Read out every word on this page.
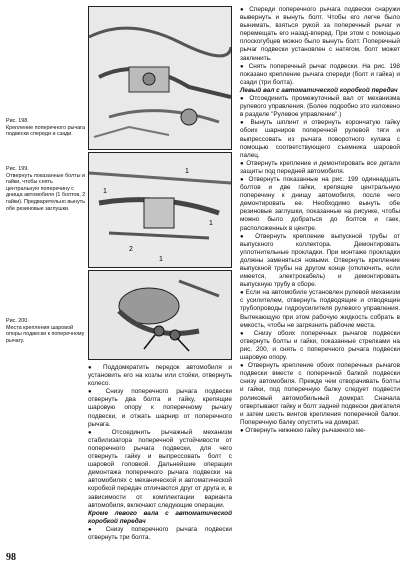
Рис. 198.
Крепление поперечного рычага подвески спереди и сзади.
Рис. 199.
Отвернуть показанные болты и гайки, чтобы снять центральную поперечину с днища автомобиля (1 болтов, 2 гайки). Предварительно вынуть обе резиновые заглушки.
1
2
1
1
1
Рис. 200.
Места крепления шаровой опоры подвески к поперечному рычагу.

● Поддомкратить передок автомобиля и установить его на козлы или стойки, отвернуть колесо.

● Снизу поперечного рычага подвески отвернуть два болта и гайку, крепящие шаровую опору к поперечному рычагу подвески, и отжать шарнир от поперечного рычага.

● Отсоединить рычажный механизм стабилизатора поперечной устойчивости от поперечного рычага подвески, для чего отвернуть гайку и выпрессовать болт с шаровой головкой. Дальнейшие операции демонтажа поперечного рычага подвески на автомобилях с механической и автоматической коробкой передач отличаются друг от друга и, в зависимости от комплектации варианта автомобиля, включают следующие операции.

Кроме левого вала с автоматической коробкой передач

● Снизу поперечного рычага подвески отвернуть три болта.

● Спереди поперечного рычага подвески снаружи вывернуть и вынуть болт. Чтобы его легче было вынимать, взяться рукой за поперечный рычаг и перемещать его назад-вперед. При этом с помощью плоскогубцев можно было вынуть болт. Поперечный рычаг подвески установлен с натягом, болт может заклинить.

● Снять поперечный рычаг подвески. На рис. 198 показано крепление рычага спереди (болт и гайка) и сзади (три болта).

Левый вал с автоматической коробкой передач

● Отсоединить промежуточный вал от механизма рулевого управления. (Более подробно это изложено в разделе "Рулевое управление".)

● Вынуть шплинт и отвернуть корончатую гайку обоих шарниров поперечной рулевой тяги и выпрессовать из рычага поворотного кулака с помощью соответствующего съемника шаровой палец.

● Отвернуть крепление и демонтировать все детали защиты под передней автомобиля.

● Отвернуть показанные на рис. 199 одиннадцать болтов и две гайки, крепящие центральную поперечину к днищу автомобиля, после чего демонтировать ее. Необходимо вынуть обе резиновые заглушки, показанные на рисунке, чтобы можно было добраться до болтов и гаек, расположенных в центре.

● Отвернуть крепление выпускной трубы от выпускного коллектора. Демонтировать уплотнительные прокладки. При монтаже прокладки должны заменяться новыми. Отвернуть крепление выпускной трубы на другом конце (отключить, если имеется, электрокабель) и демонтировать выпускную трубу в сборе.

● Если на автомобиле установлен рулевой механизм с усилителем, отвернуть подводящие и отводящие трубопроводы гидроусилителя рулевого управления. Вытекающую при этом рабочую жидкость собрать в емкость, чтобы не загрязнить рабочие места.

● Снизу обоих поперечных рычагов подвески отвернуть болты и гайки, показанные стрелками на рис. 200, и снять с поперечного рычага подвески шаровую опору.

● Отвернуть крепление обоих поперечных рычагов подвески вместе с поперечной балкой подвески снизу автомобиля. Прежде чем отворачивать болты и гайки, под поперечную балку следует подвести роликовый автомобильный домкрат. Сначала отвертывают гайку и болт задней подвески двигателя и затем шесть винтов крепления поперечной балки. Поперечную балку опустить на домкрат.

● Отвернуть нижнюю гайку рычажного ме-

98
